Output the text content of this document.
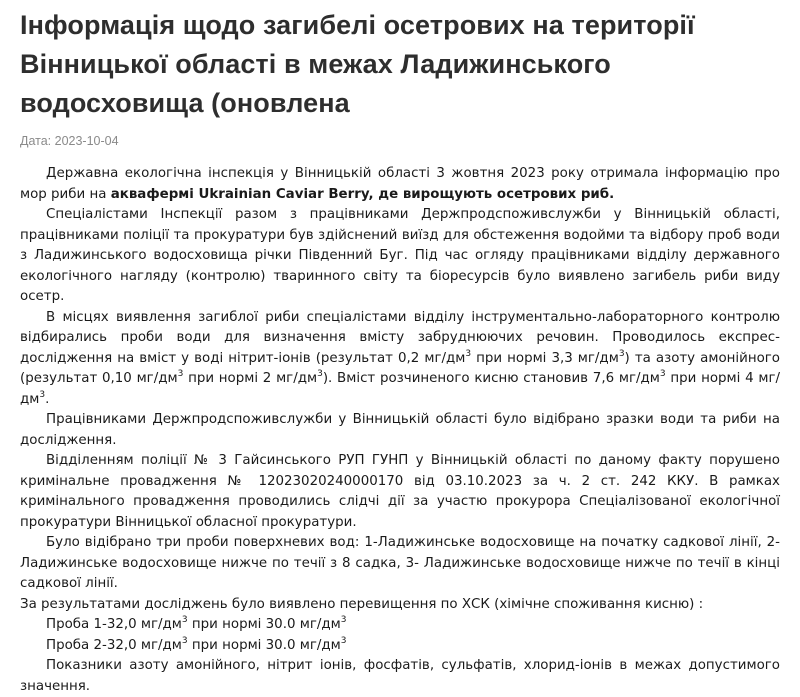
Інформація щодо загибелі осетрових на території Вінницької області в межах Ладижинського водосховища (оновлена
Дата: 2023-10-04

Державна екологічна інспекція у Вінницькій області 3 жовтня 2023 року отримала інформацію про мор риби на аквафермі Ukrainian Caviar Berry, де вирощують осетрових риб.

Спеціалістами Інспекції разом з працівниками Держпродспоживслужби у Вінницькій області, працівниками поліції та прокуратури був здійснений виїзд для обстеження водойми та відбору проб води з Ладижинського водосховища річки Південний Буг. Під час огляду працівниками відділу державного екологічного нагляду (контролю) тваринного світу та біоресурсів було виявлено загибель риби виду осетр.

В місцях виявлення загиблої риби спеціалістами відділу інструментально-лабораторного контролю відбирались проби води для визначення вмісту забруднюючих речовин. Проводилось експрес-дослідження на вміст у воді нітрит-іонів (результат 0,2 $мг/дм^3$ при нормі 3,3 $мг/дм^3$) та азоту амонійного (результат 0,10 $мг/дм^3$ при нормі 2 $мг/дм^3$). Вміст розчиненого кисню становив 7,6 $мг/дм^3$ при нормі 4 $мг/дм^3$.

Працівниками Держпродспоживслужби у Вінницькій області було відібрано зразки води та риби на дослідження.

Відділенням поліції № 3 Гайсинського РУП ГУНП у Вінницькій області по даному факту порушено кримінальне провадження № 12023020240000170 від 03.10.2023 за ч. 2 ст. 242 ККУ. В рамках кримінального провадження проводились слідчі дії за участю прокурора Спеціалізованої екологічної прокуратури Вінницької обласної прокуратури.

Було відібрано три проби поверхневих вод: 1-Ладижинське водосховище на початку садкової лінії, 2-Ладижинське водосховище нижче по течії з 8 садка, 3- Ладижинське водосховище нижче по течії в кінці садкової лінії.

За результатами досліджень було виявлено перевищення по ХСК (хімічне споживання кисню) :

Проба 1-32,0 $мг/дм^3$ при нормі 30.0 $мг/дм^3$

Проба 2-32,0 $мг/дм^3$ при нормі 30.0 $мг/дм^3$

Показники азоту амонійного, нітрит іонів, фосфатів, сульфатів, хлорид-іонів в межах допустимого значення.
